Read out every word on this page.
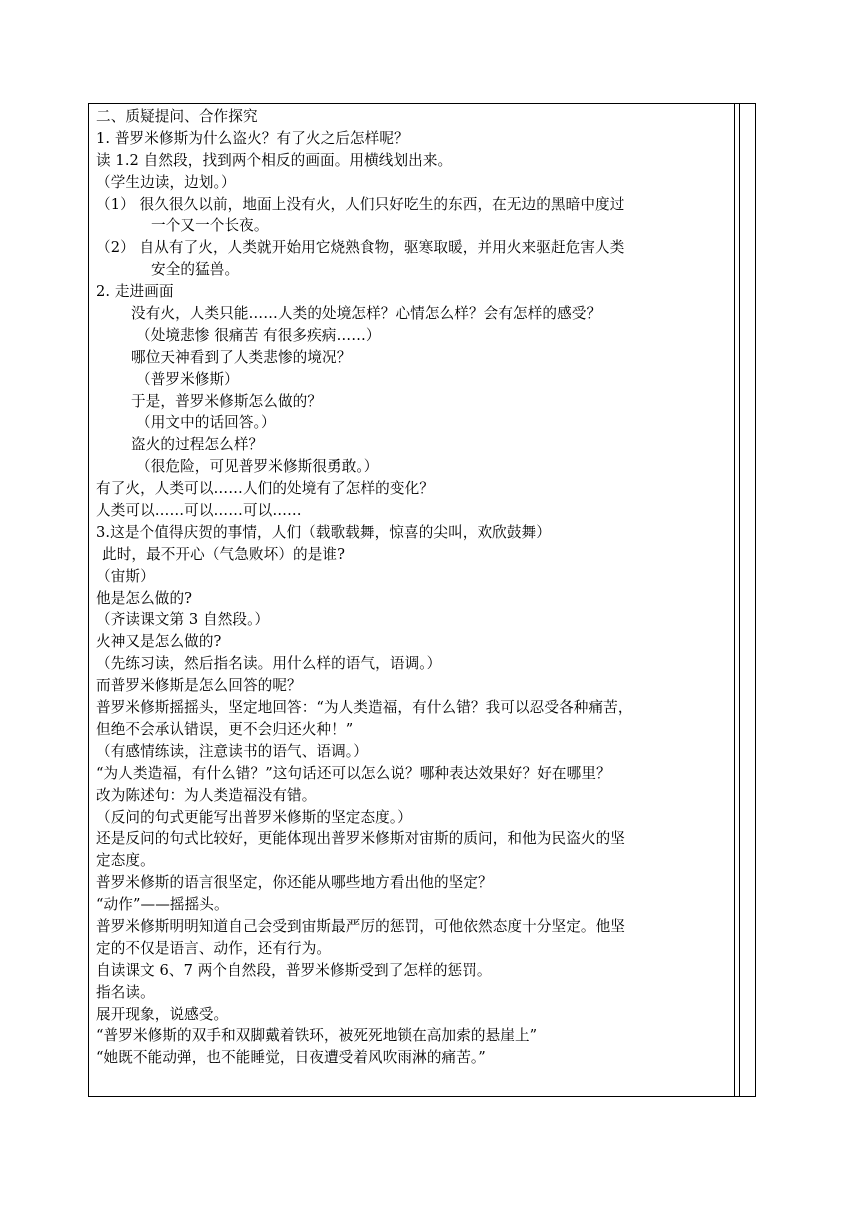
二、质疑提问、合作探究
1. 普罗米修斯为什么盗火？有了火之后怎样呢？
读 1.2 自然段，找到两个相反的画面。用横线划出来。
（学生边读，边划。）
（1） 很久很久以前，地面上没有火，人们只好吃生的东西，在无边的黑暗中度过
一个又一个长夜。
（2） 自从有了火，人类就开始用它烧熟食物，驱寒取暖，并用火来驱赶危害人类
安全的猛兽。
2. 走进画面
没有火，人类只能……人类的处境怎样？心情怎么样？会有怎样的感受？
（处境悲惨 很痛苦 有很多疾病……）
哪位天神看到了人类悲惨的境况？
（普罗米修斯）
于是，普罗米修斯怎么做的？
（用文中的话回答。）
盗火的过程怎么样？
（很危险，可见普罗米修斯很勇敢。）
有了火，人类可以……人们的处境有了怎样的变化？
人类可以……可以……可以……
3.这是个值得庆贺的事情，人们（载歌载舞，惊喜的尖叫，欢欣鼓舞）
此时，最不开心（气急败坏）的是谁?
（宙斯）
他是怎么做的?
（齐读课文第 3 自然段。）
火神又是怎么做的?
（先练习读，然后指名读。用什么样的语气，语调。）
而普罗米修斯是怎么回答的呢？
普罗米修斯摇摇头，坚定地回答：“为人类造福，有什么错？我可以忍受各种痛苦，
但绝不会承认错误，更不会归还火种！”
（有感情练读，注意读书的语气、语调。）
“为人类造福，有什么错？”这句话还可以怎么说？哪种表达效果好？好在哪里？
改为陈述句：为人类造福没有错。
（反问的句式更能写出普罗米修斯的坚定态度。）
还是反问的句式比较好，更能体现出普罗米修斯对宙斯的质问，和他为民盗火的坚
定态度。
普罗米修斯的语言很坚定，你还能从哪些地方看出他的坚定？
“动作”——摇摇头。
普罗米修斯明明知道自己会受到宙斯最严厉的惩罚，可他依然态度十分坚定。他坚
定的不仅是语言、动作，还有行为。
自读课文 6、7 两个自然段，普罗米修斯受到了怎样的惩罚。
指名读。
展开现象，说感受。
“普罗米修斯的双手和双脚戴着铁环，被死死地锁在高加索的悬崖上”
“她既不能动弹，也不能睡觉，日夜遭受着风吹雨淋的痛苦。”
